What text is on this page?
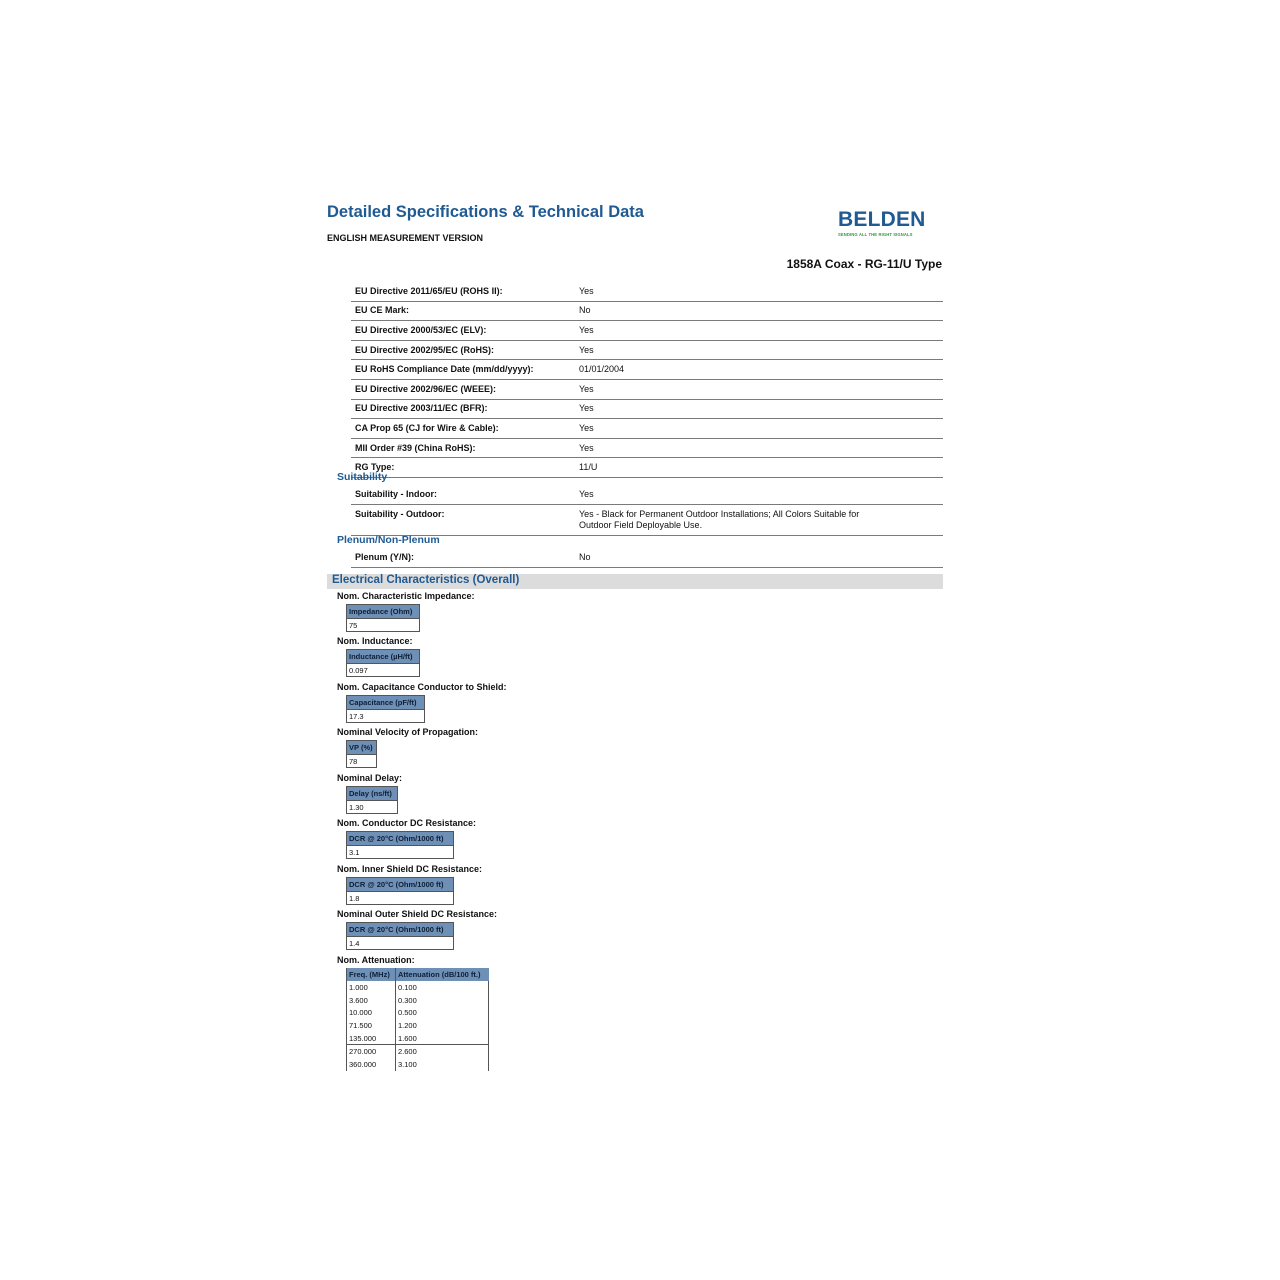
Detailed Specifications & Technical Data
ENGLISH MEASUREMENT VERSION
BELDEN
SENDING ALL THE RIGHT SIGNALS
1858A Coax - RG-11/U Type
EU Directive 2011/65/EU (ROHS II):	Yes
EU CE Mark:	No
EU Directive 2000/53/EC (ELV):	Yes
EU Directive 2002/95/EC (RoHS):	Yes
EU RoHS Compliance Date (mm/dd/yyyy):	01/01/2004
EU Directive 2002/96/EC (WEEE):	Yes
EU Directive 2003/11/EC (BFR):	Yes
CA Prop 65 (CJ for Wire & Cable):	Yes
MII Order #39 (China RoHS):	Yes
RG Type:	11/U
Suitability
Suitability - Indoor:	Yes
Suitability - Outdoor:	Yes - Black for Permanent Outdoor Installations; All Colors Suitable for Outdoor Field Deployable Use.
Plenum/Non-Plenum
Plenum (Y/N):	No
Electrical Characteristics (Overall)
Nom. Characteristic Impedance:
Impedance (Ohm)
75
Nom. Inductance:
Inductance (µH/ft)
0.097
Nom. Capacitance Conductor to Shield:
Capacitance (pF/ft)
17.3
Nominal Velocity of Propagation:
VP (%)
78
Nominal Delay:
Delay (ns/ft)
1.30
Nom. Conductor DC Resistance:
DCR @ 20°C (Ohm/1000 ft)
3.1
Nom. Inner Shield DC Resistance:
DCR @ 20°C (Ohm/1000 ft)
1.8
Nominal Outer Shield DC Resistance:
DCR @ 20°C (Ohm/1000 ft)
1.4
Nom. Attenuation:
Freq. (MHz)	Attenuation (dB/100 ft.)
1.000	0.100
3.600	0.300
10.000	0.500
71.500	1.200
135.000	1.600
270.000	2.600
360.000	3.100
